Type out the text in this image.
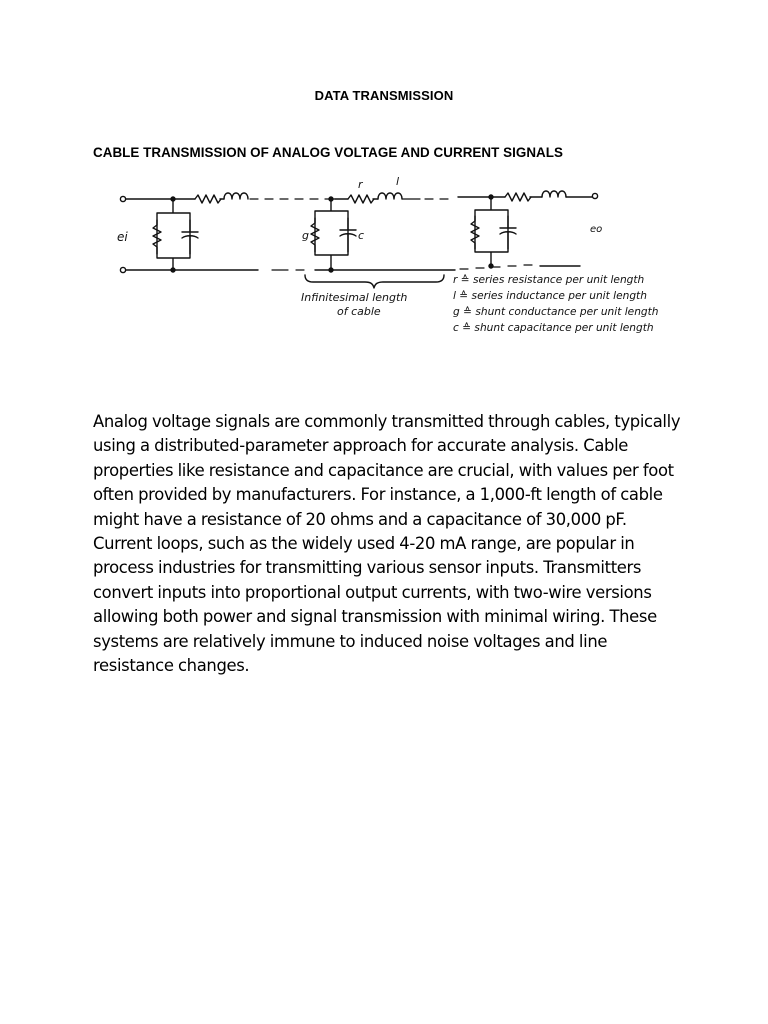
DATA TRANSMISSION
CABLE TRANSMISSION OF ANALOG VOLTAGE AND CURRENT SIGNALS
ei
eo
r	l
g	c
Infinitesimal length
of cable
r ≙ series resistance per unit length
l ≙ series inductance per unit length
g ≙ shunt conductance per unit length
c ≙ shunt capacitance per unit length

Analog voltage signals are commonly transmitted through cables, typically using a distributed-parameter approach for accurate analysis. Cable properties like resistance and capacitance are crucial, with values per foot often provided by manufacturers. For instance, a 1,000-ft length of cable might have a resistance of 20 ohms and a capacitance of 30,000 pF. Current loops, such as the widely used 4-20 mA range, are popular in process industries for transmitting various sensor inputs. Transmitters convert inputs into proportional output currents, with two-wire versions allowing both power and signal transmission with minimal wiring. These systems are relatively immune to induced noise voltages and line resistance changes.
